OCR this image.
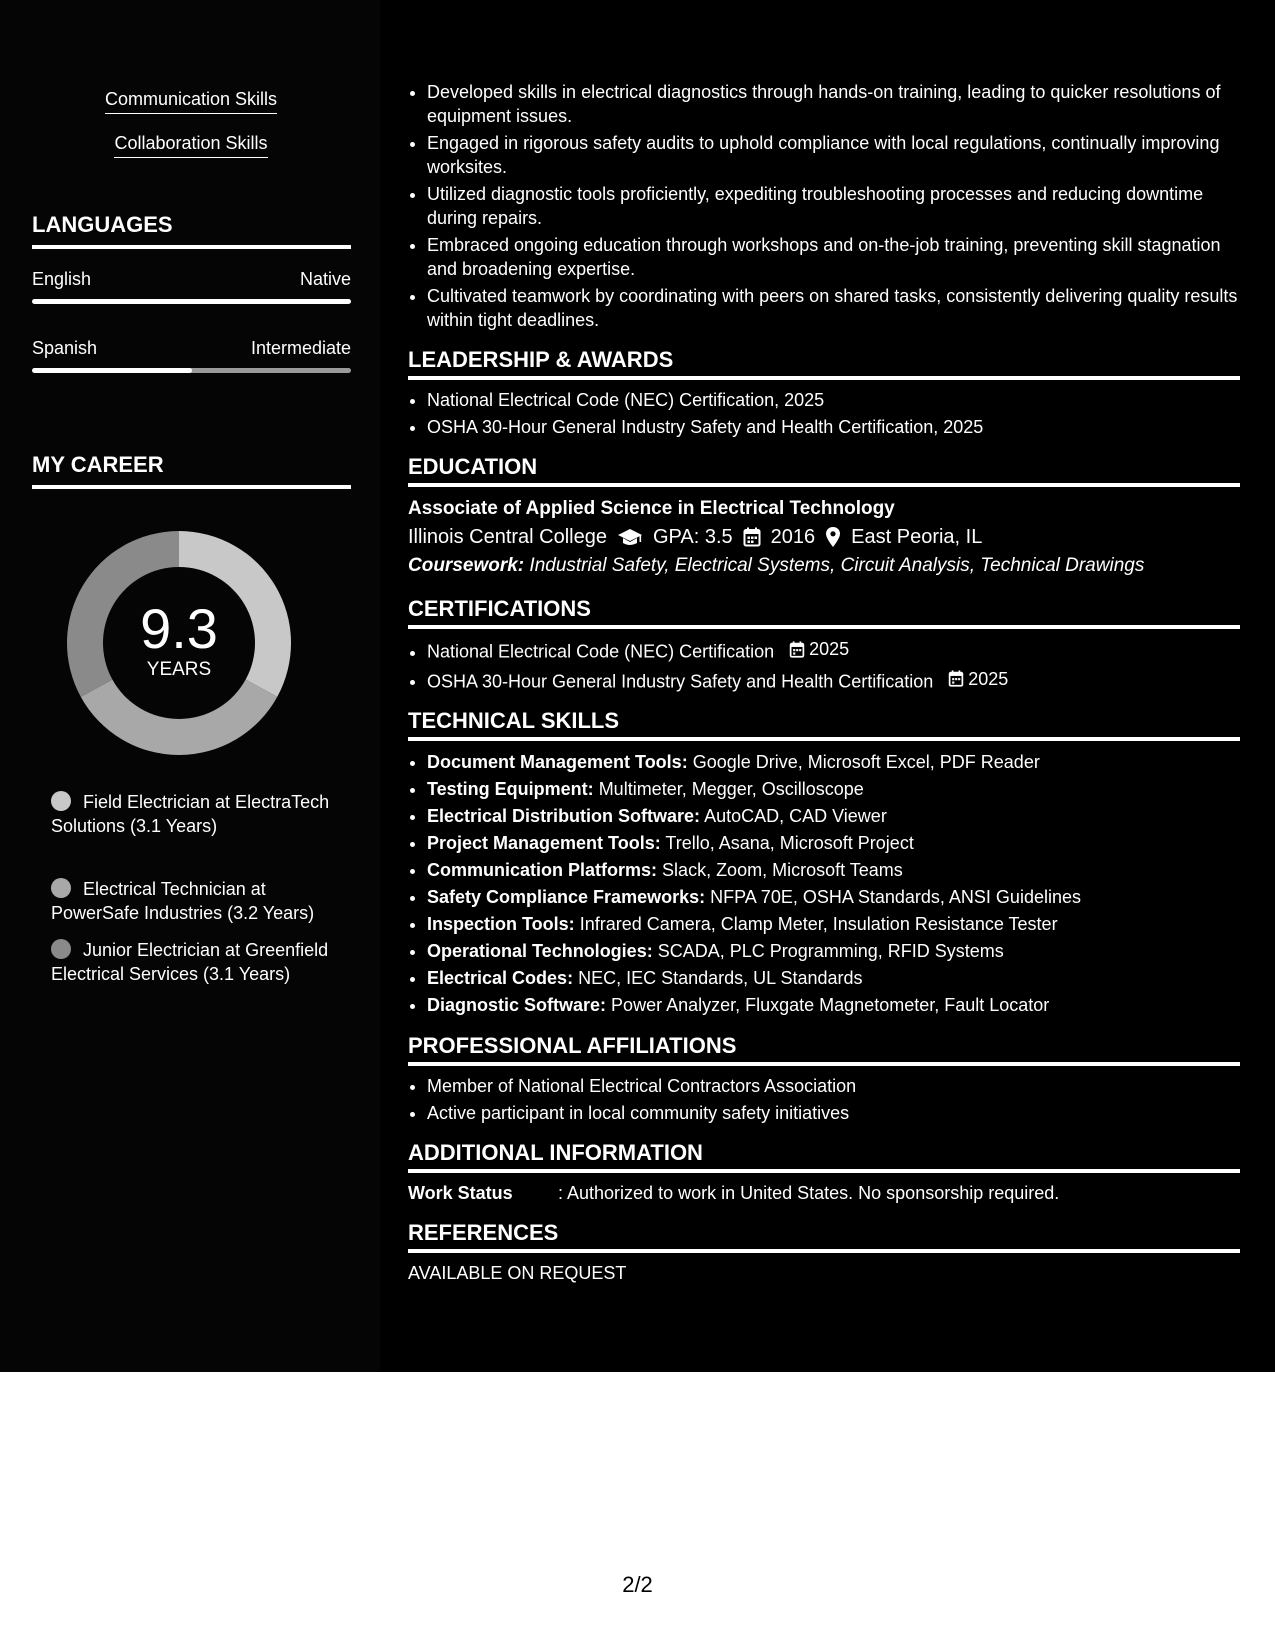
Communication Skills
Collaboration Skills
LANGUAGES
English	Native
Spanish	Intermediate
MY CAREER
9.3
YEARS
Field Electrician at ElectraTech Solutions (3.1 Years)
Electrical Technician at PowerSafe Industries (3.2 Years)
Junior Electrician at Greenfield Electrical Services (3.1 Years)
• Developed skills in electrical diagnostics through hands-on training, leading to quicker resolutions of equipment issues.
• Engaged in rigorous safety audits to uphold compliance with local regulations, continually improving worksites.
• Utilized diagnostic tools proficiently, expediting troubleshooting processes and reducing downtime during repairs.
• Embraced ongoing education through workshops and on-the-job training, preventing skill stagnation and broadening expertise.
• Cultivated teamwork by coordinating with peers on shared tasks, consistently delivering quality results within tight deadlines.
LEADERSHIP & AWARDS
• National Electrical Code (NEC) Certification, 2025
• OSHA 30-Hour General Industry Safety and Health Certification, 2025
EDUCATION
Associate of Applied Science in Electrical Technology
Illinois Central College GPA: 3.5 2016 East Peoria, IL
Coursework: Industrial Safety, Electrical Systems, Circuit Analysis, Technical Drawings
CERTIFICATIONS
• National Electrical Code (NEC) Certification 2025
• OSHA 30-Hour General Industry Safety and Health Certification 2025
TECHNICAL SKILLS
• Document Management Tools: Google Drive, Microsoft Excel, PDF Reader
• Testing Equipment: Multimeter, Megger, Oscilloscope
• Electrical Distribution Software: AutoCAD, CAD Viewer
• Project Management Tools: Trello, Asana, Microsoft Project
• Communication Platforms: Slack, Zoom, Microsoft Teams
• Safety Compliance Frameworks: NFPA 70E, OSHA Standards, ANSI Guidelines
• Inspection Tools: Infrared Camera, Clamp Meter, Insulation Resistance Tester
• Operational Technologies: SCADA, PLC Programming, RFID Systems
• Electrical Codes: NEC, IEC Standards, UL Standards
• Diagnostic Software: Power Analyzer, Fluxgate Magnetometer, Fault Locator
PROFESSIONAL AFFILIATIONS
• Member of National Electrical Contractors Association
• Active participant in local community safety initiatives
ADDITIONAL INFORMATION
Work Status	: Authorized to work in United States. No sponsorship required.
REFERENCES
AVAILABLE ON REQUEST
2/2
